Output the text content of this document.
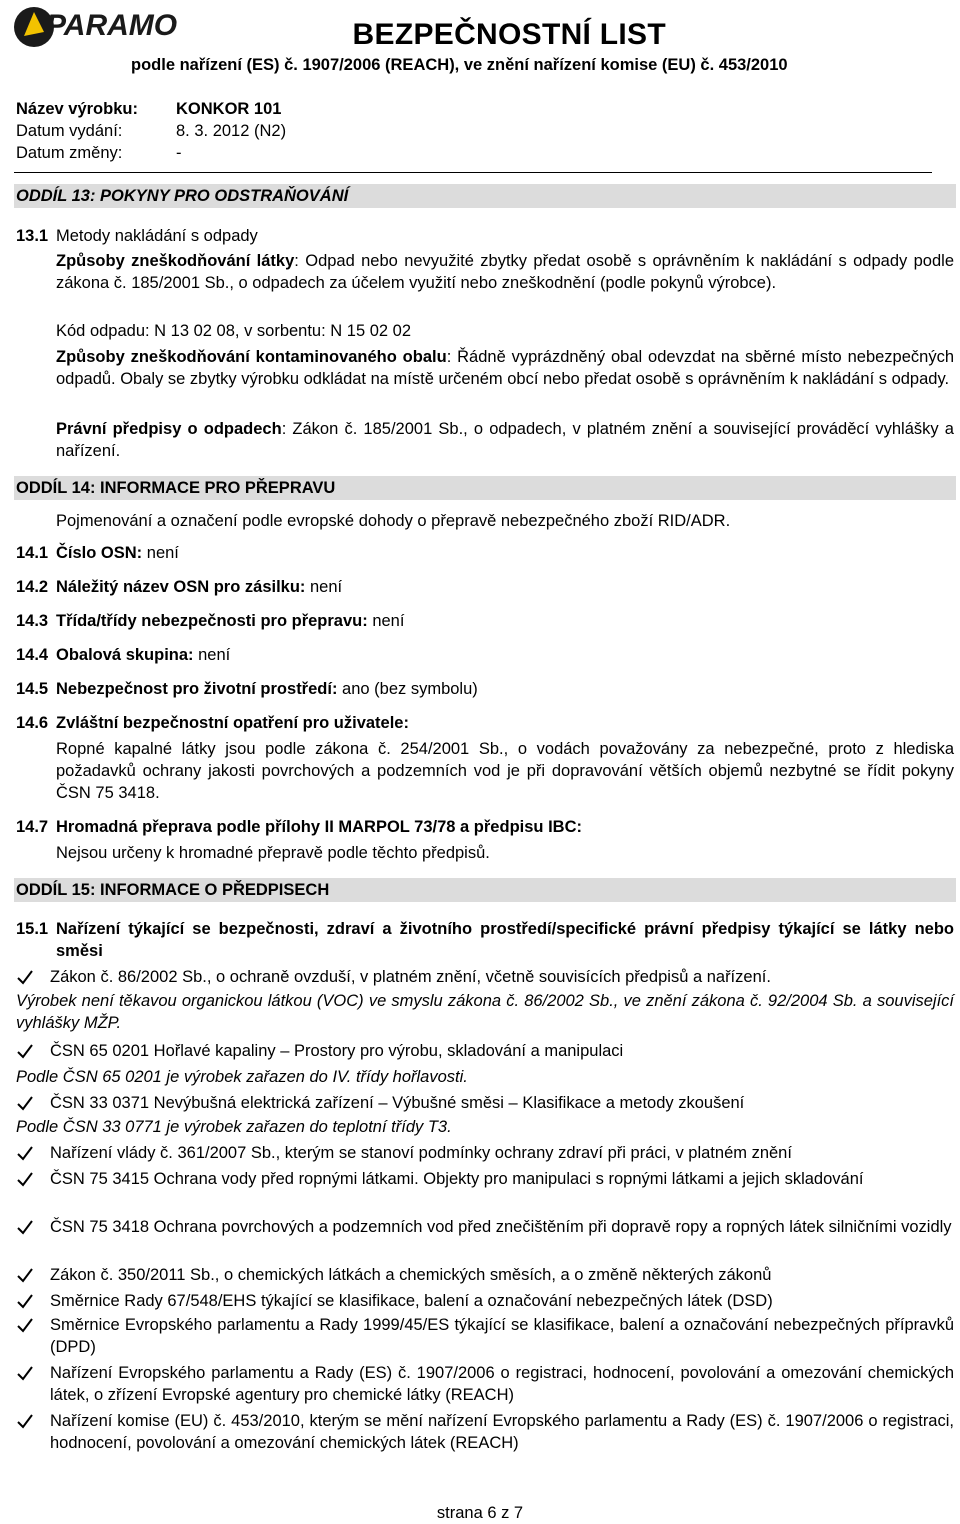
PARAMO	BEZPEČNOSTNÍ LIST
podle nařízení (ES) č. 1907/2006 (REACH), ve znění nařízení komise (EU) č. 453/2010
Název výrobku:	KONKOR 101
Datum vydání:	8. 3. 2012 (N2)
Datum změny:	-
ODDÍL 13: POKYNY PRO ODSTRAŇOVÁNÍ
13.1 Metody nakládání s odpady
Způsoby zneškodňování látky: Odpad nebo nevyužité zbytky předat osobě s oprávněním k nakládání s odpady podle zákona č. 185/2001 Sb., o odpadech za účelem využití nebo zneškodnění (podle pokynů výrobce).
Kód odpadu: N 13 02 08, v sorbentu: N 15 02 02
Způsoby zneškodňování kontaminovaného obalu: Řádně vyprázdněný obal odevzdat na sběrné místo nebezpečných odpadů. Obaly se zbytky výrobku odkládat na místě určeném obcí nebo předat osobě s oprávněním k nakládání s odpady.
Právní předpisy o odpadech: Zákon č. 185/2001 Sb., o odpadech, v platném znění a související prováděcí vyhlášky a nařízení.
ODDÍL 14: INFORMACE PRO PŘEPRAVU
Pojmenování a označení podle evropské dohody o přepravě nebezpečného zboží RID/ADR.
14.1 Číslo OSN: není
14.2 Náležitý název OSN pro zásilku: není
14.3 Třída/třídy nebezpečnosti pro přepravu: není
14.4 Obalová skupina: není
14.5 Nebezpečnost pro životní prostředí: ano (bez symbolu)
14.6 Zvláštní bezpečnostní opatření pro uživatele:
Ropné kapalné látky jsou podle zákona č. 254/2001 Sb., o vodách považovány za nebezpečné, proto z hlediska požadavků ochrany jakosti povrchových a podzemních vod je při dopravování větších objemů nezbytné se řídit pokyny ČSN 75 3418.
14.7 Hromadná přeprava podle přílohy II MARPOL 73/78 a předpisu IBC:
Nejsou určeny k hromadné přepravě podle těchto předpisů.
ODDÍL 15: INFORMACE O PŘEDPISECH
15.1 Nařízení týkající se bezpečnosti, zdraví a životního prostředí/specifické právní předpisy týkající se látky nebo směsi
Zákon č. 86/2002 Sb., o ochraně ovzduší, v platném znění, včetně souvisících předpisů a nařízení.
Výrobek není těkavou organickou látkou (VOC) ve smyslu zákona č. 86/2002 Sb., ve znění zákona č. 92/2004 Sb. a související vyhlášky MŽP.
ČSN 65 0201 Hořlavé kapaliny – Prostory pro výrobu, skladování a manipulaci
Podle ČSN 65 0201 je výrobek zařazen do IV. třídy hořlavosti.
ČSN 33 0371 Nevýbušná elektrická zařízení – Výbušné směsi – Klasifikace a metody zkoušení
Podle ČSN 33 0771 je výrobek zařazen do teplotní třídy T3.
Nařízení vlády č. 361/2007 Sb., kterým se stanoví podmínky ochrany zdraví při práci, v platném znění
ČSN 75 3415 Ochrana vody před ropnými látkami. Objekty pro manipulaci s ropnými látkami a jejich skladování
ČSN 75 3418 Ochrana povrchových a podzemních vod před znečištěním při dopravě ropy a ropných látek silničními vozidly
Zákon č. 350/2011 Sb., o chemických látkách a chemických směsích, a o změně některých zákonů
Směrnice Rady 67/548/EHS týkající se klasifikace, balení a označování nebezpečných látek (DSD)
Směrnice Evropského parlamentu a Rady 1999/45/ES týkající se klasifikace, balení a označování nebezpečných přípravků (DPD)
Nařízení Evropského parlamentu a Rady (ES) č. 1907/2006 o registraci, hodnocení, povolování a omezování chemických látek, o zřízení Evropské agentury pro chemické látky (REACH)
Nařízení komise (EU) č. 453/2010, kterým se mění nařízení Evropského parlamentu a Rady (ES) č. 1907/2006 o registraci, hodnocení, povolování a omezování chemických látek (REACH)
strana 6 z 7
